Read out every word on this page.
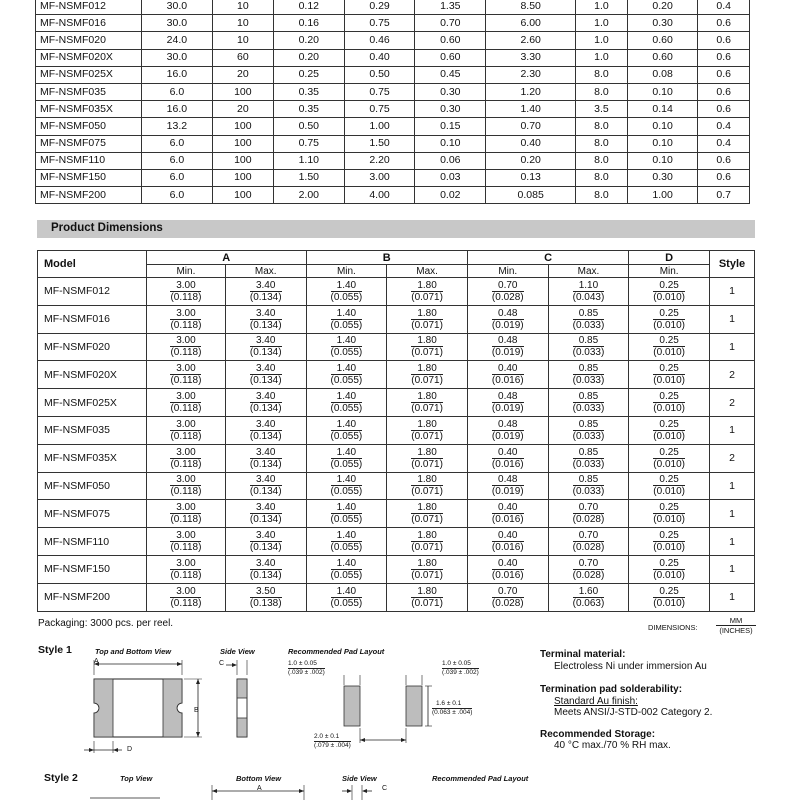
MF-NSMF012	30.0	10	0.12	0.29	1.35	8.50	1.0	0.20	0.4
MF-NSMF016	30.0	10	0.16	0.75	0.70	6.00	1.0	0.30	0.6
MF-NSMF020	24.0	10	0.20	0.46	0.60	2.60	1.0	0.60	0.6
MF-NSMF020X	30.0	60	0.20	0.40	0.60	3.30	1.0	0.60	0.6
MF-NSMF025X	16.0	20	0.25	0.50	0.45	2.30	8.0	0.08	0.6
MF-NSMF035	6.0	100	0.35	0.75	0.30	1.20	8.0	0.10	0.6
MF-NSMF035X	16.0	20	0.35	0.75	0.30	1.40	3.5	0.14	0.6
MF-NSMF050	13.2	100	0.50	1.00	0.15	0.70	8.0	0.10	0.4
MF-NSMF075	6.0	100	0.75	1.50	0.10	0.40	8.0	0.10	0.4
MF-NSMF110	6.0	100	1.10	2.20	0.06	0.20	8.0	0.10	0.6
MF-NSMF150	6.0	100	1.50	3.00	0.03	0.13	8.0	0.30	0.6
MF-NSMF200	6.0	100	2.00	4.00	0.02	0.085	8.0	1.00	0.7
Product Dimensions
Model	A		B		C		D	Style
	Min.	Max.	Min.	Max.	Min.	Max.	Min.	
MF-NSMF012	$\frac{3.00}{(0.118)}$	$\frac{3.40}{(0.134)}$	$\frac{1.40}{(0.055)}$	$\frac{1.80}{(0.071)}$	$\frac{0.70}{(0.028)}$	$\frac{1.10}{(0.043)}$	$\frac{0.25}{(0.010)}$	1
MF-NSMF016	$\frac{3.00}{(0.118)}$	$\frac{3.40}{(0.134)}$	$\frac{1.40}{(0.055)}$	$\frac{1.80}{(0.071)}$	$\frac{0.48}{(0.019)}$	$\frac{0.85}{(0.033)}$	$\frac{0.25}{(0.010)}$	1
MF-NSMF020	$\frac{3.00}{(0.118)}$	$\frac{3.40}{(0.134)}$	$\frac{1.40}{(0.055)}$	$\frac{1.80}{(0.071)}$	$\frac{0.48}{(0.019)}$	$\frac{0.85}{(0.033)}$	$\frac{0.25}{(0.010)}$	1
MF-NSMF020X	$\frac{3.00}{(0.118)}$	$\frac{3.40}{(0.134)}$	$\frac{1.40}{(0.055)}$	$\frac{1.80}{(0.071)}$	$\frac{0.40}{(0.016)}$	$\frac{0.85}{(0.033)}$	$\frac{0.25}{(0.010)}$	2
MF-NSMF025X	$\frac{3.00}{(0.118)}$	$\frac{3.40}{(0.134)}$	$\frac{1.40}{(0.055)}$	$\frac{1.80}{(0.071)}$	$\frac{0.48}{(0.019)}$	$\frac{0.85}{(0.033)}$	$\frac{0.25}{(0.010)}$	2
MF-NSMF035	$\frac{3.00}{(0.118)}$	$\frac{3.40}{(0.134)}$	$\frac{1.40}{(0.055)}$	$\frac{1.80}{(0.071)}$	$\frac{0.48}{(0.019)}$	$\frac{0.85}{(0.033)}$	$\frac{0.25}{(0.010)}$	1
MF-NSMF035X	$\frac{3.00}{(0.118)}$	$\frac{3.40}{(0.134)}$	$\frac{1.40}{(0.055)}$	$\frac{1.80}{(0.071)}$	$\frac{0.40}{(0.016)}$	$\frac{0.85}{(0.033)}$	$\frac{0.25}{(0.010)}$	2
MF-NSMF050	$\frac{3.00}{(0.118)}$	$\frac{3.40}{(0.134)}$	$\frac{1.40}{(0.055)}$	$\frac{1.80}{(0.071)}$	$\frac{0.48}{(0.019)}$	$\frac{0.85}{(0.033)}$	$\frac{0.25}{(0.010)}$	1
MF-NSMF075	$\frac{3.00}{(0.118)}$	$\frac{3.40}{(0.134)}$	$\frac{1.40}{(0.055)}$	$\frac{1.80}{(0.071)}$	$\frac{0.40}{(0.016)}$	$\frac{0.70}{(0.028)}$	$\frac{0.25}{(0.010)}$	1
MF-NSMF110	$\frac{3.00}{(0.118)}$	$\frac{3.40}{(0.134)}$	$\frac{1.40}{(0.055)}$	$\frac{1.80}{(0.071)}$	$\frac{0.40}{(0.016)}$	$\frac{0.70}{(0.028)}$	$\frac{0.25}{(0.010)}$	1
MF-NSMF150	$\frac{3.00}{(0.118)}$	$\frac{3.40}{(0.134)}$	$\frac{1.40}{(0.055)}$	$\frac{1.80}{(0.071)}$	$\frac{0.40}{(0.016)}$	$\frac{0.70}{(0.028)}$	$\frac{0.25}{(0.010)}$	1
MF-NSMF200	$\frac{3.00}{(0.118)}$	$\frac{3.50}{(0.138)}$	$\frac{1.40}{(0.055)}$	$\frac{1.80}{(0.071)}$	$\frac{0.70}{(0.028)}$	$\frac{1.60}{(0.063)}$	$\frac{0.25}{(0.010)}$	1
Packaging: 3000 pcs. per reel.	DIMENSIONS:
MM
(INCHES)
Style 1	Top and Bottom View	Side View	Recommended Pad Layout
A
B
C
D
1.0 ± 0.05
(.039 ± .002)
1.0 ± 0.05
(.039 ± .002)
1.6 ± 0.1
(0.063 ± .004)
2.0 ± 0.1
(.079 ± .004)
Terminal material:
Electroless Ni under immersion Au
Termination pad solderability:
Standard Au finish:
Meets ANSI/J-STD-002 Category 2.
Recommended Storage:
40 °C max./70 % RH max.
Style 2	Top View	Bottom View	Side View	Recommended Pad Layout
A	C
